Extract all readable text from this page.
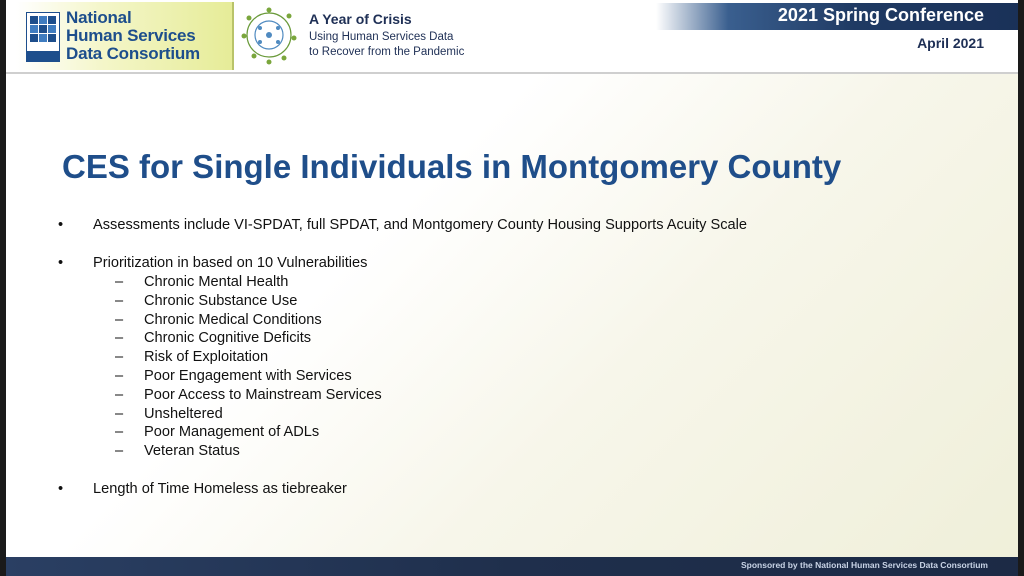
National
Human Services
Data Consortium
A Year of Crisis
Using Human Services Data
to Recover from the Pandemic
2021 Spring Conference
April 2021
CES for Single Individuals in Montgomery County
•	Assessments include VI-SPDAT, full SPDAT, and Montgomery County Housing Supports Acuity Scale
•	Prioritization in based on 10 Vulnerabilities
– Chronic Mental Health
– Chronic Substance Use
– Chronic Medical Conditions
– Chronic Cognitive Deficits
– Risk of Exploitation
– Poor Engagement with Services
– Poor Access to Mainstream Services
– Unsheltered
– Poor Management of ADLs
– Veteran Status
•	Length of Time Homeless as tiebreaker
Sponsored by the National Human Services Data Consortium
